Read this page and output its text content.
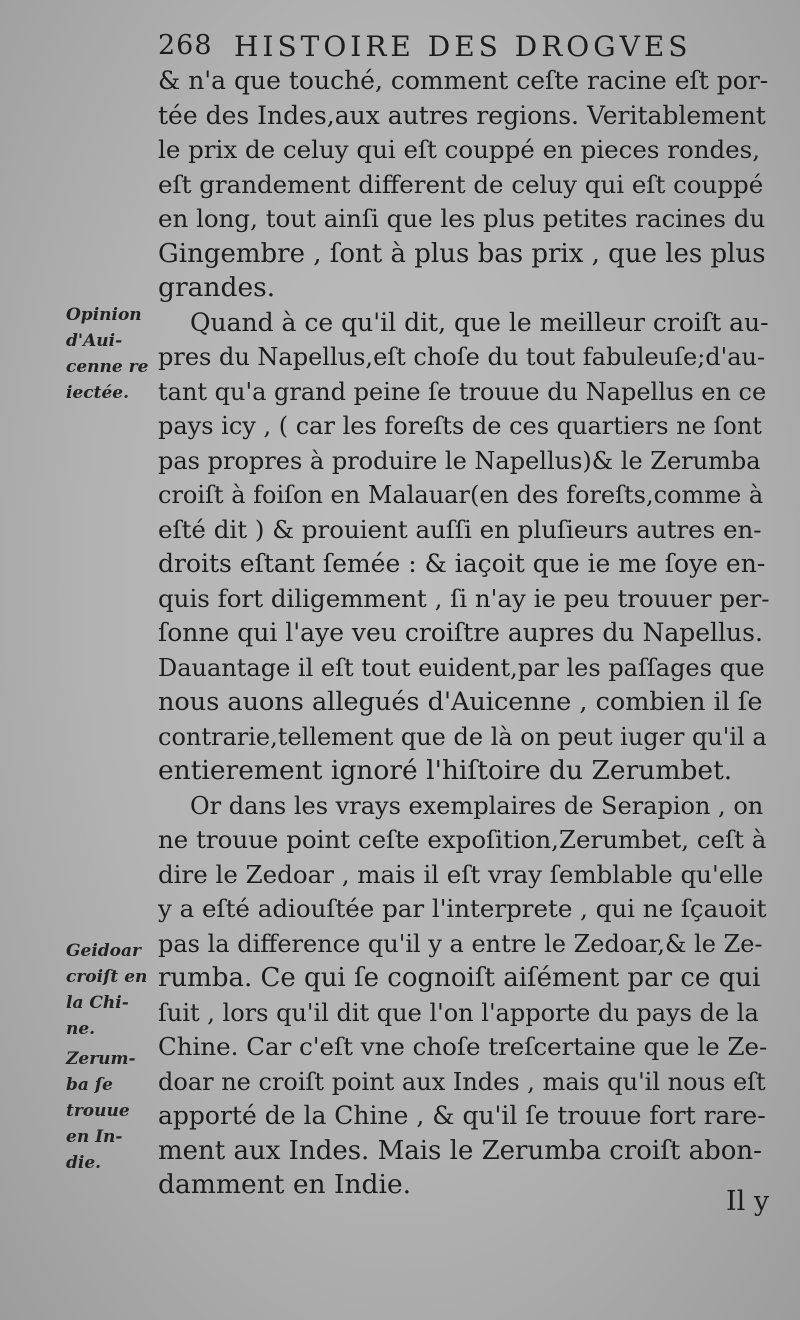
268 HISTOIRE DES DROGVES
& n'a que touché, comment ceſte racine eſt por-
tée des Indes,aux autres regions. Veritablement
le prix de celuy qui eſt couppé en pieces rondes,
eſt grandement different de celuy qui eſt couppé
en long, tout ainſi que les plus petites racines du
Gingembre , ſont à plus bas prix , que les plus
grandes.
Quand à ce qu'il dit, que le meilleur croiſt au-
pres du Napellus,eſt choſe du tout fabuleuſe;d'au-
tant qu'a grand peine ſe trouue du Napellus en ce
pays icy , ( car les foreſts de ces quartiers ne ſont
pas propres à produire le Napellus)& le Zerumba
croiſt à foiſon en Malauar(en des foreſts,comme à
eſté dit ) & prouient auſſi en pluſieurs autres en-
droits eſtant ſemée : & iaçoit que ie me ſoye en-
quis fort diligemment , ſi n'ay ie peu trouuer per-
ſonne qui l'aye veu croiſtre aupres du Napellus.
Dauantage il eſt tout euident,par les paſſages que
nous auons allegués d'Auicenne , combien il ſe
contrarie,tellement que de là on peut iuger qu'il a
entierement ignoré l'hiſtoire du Zerumbet.
Or dans les vrays exemplaires de Serapion , on
ne trouue point ceſte expoſition,Zerumbet, ceſt à
dire le Zedoar , mais il eſt vray ſemblable qu'elle
y a eſté adiouſtée par l'interprete , qui ne ſçauoit
pas la difference qu'il y a entre le Zedoar,& le Ze-
rumba. Ce qui ſe cognoiſt aiſément par ce qui
ſuit , lors qu'il dit que l'on l'apporte du pays de la
Chine. Car c'eſt vne choſe treſcertaine que le Ze-
doar ne croiſt point aux Indes , mais qu'il nous eſt
apporté de la Chine , & qu'il ſe trouue fort rare-
ment aux Indes. Mais le Zerumba croiſt abon-
damment en Indie.
Opinion
d'Aui-
cenne re
iectée.
Geidoar
croiſt en
la Chi-
ne.
Zerum-
ba ſe
trouue
en In-
die.
Il y
